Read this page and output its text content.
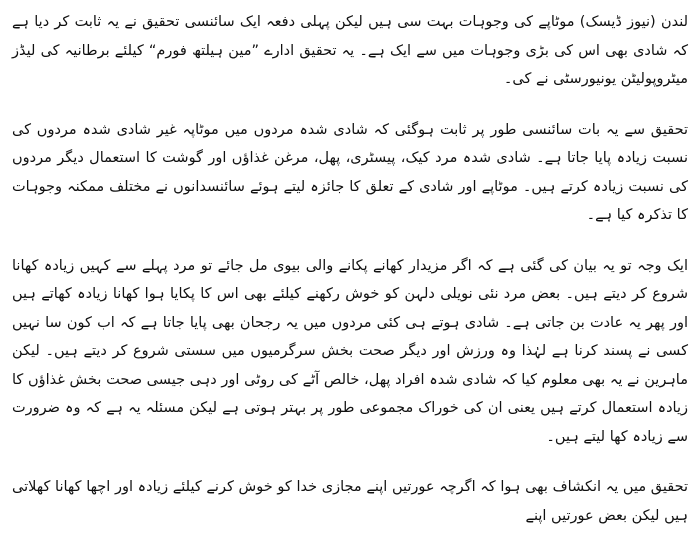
لندن (نیوز ڈیسک) موٹاپے کی وجوہات بہت سی ہیں لیکن پہلی دفعہ ایک سائنسی تحقیق نے یہ ثابت کر دیا ہے کہ شادی بھی اس کی بڑی وجوہات میں سے ایک ہے۔ یہ تحقیق ادارے ”مین ہیلتھ فورم“ کیلئے برطانیہ کی لیڈز میٹروپولیٹن یونیورسٹی نے کی۔

تحقیق سے یہ بات سائنسی طور پر ثابت ہوگئی کہ شادی شدہ مردوں میں موٹاپہ غیر شادی شدہ مردوں کی نسبت زیادہ پایا جاتا ہے۔ شادی شدہ مرد کیک، پیسٹری، پھل، مرغن غذاؤں اور گوشت کا استعمال دیگر مردوں کی نسبت زیادہ کرتے ہیں۔ موٹاپے اور شادی کے تعلق کا جائزہ لیتے ہوئے سائنسدانوں نے مختلف ممکنہ وجوہات کا تذکرہ کیا ہے۔

ایک وجہ تو یہ بیان کی گئی ہے کہ اگر مزیدار کھانے پکانے والی بیوی مل جائے تو مرد پہلے سے کہیں زیادہ کھانا شروع کر دیتے ہیں۔ بعض مرد نئی نویلی دلہن کو خوش رکھنے کیلئے بھی اس کا پکایا ہوا کھانا زیادہ کھاتے ہیں اور پھر یہ عادت بن جاتی ہے۔ شادی ہوتے ہی کئی مردوں میں یہ رجحان بھی پایا جاتا ہے کہ اب کون سا نہیں کسی نے پسند کرنا ہے لہٰذا وہ ورزش اور دیگر صحت بخش سرگرمیوں میں سستی شروع کر دیتے ہیں۔ لیکن ماہرین نے یہ بھی معلوم کیا کہ شادی شدہ افراد پھل، خالص آٹے کی روٹی اور دہی جیسی صحت بخش غذاؤں کا زیادہ استعمال کرتے ہیں یعنی ان کی خوراک مجموعی طور پر بہتر ہوتی ہے لیکن مسئلہ یہ ہے کہ وہ ضرورت سے زیادہ کھا لیتے ہیں۔

تحقیق میں یہ انکشاف بھی ہوا کہ اگرچہ عورتیں اپنے مجازی خدا کو خوش کرنے کیلئے زیادہ اور اچھا کھانا کھلاتی ہیں لیکن بعض عورتیں اپنے
